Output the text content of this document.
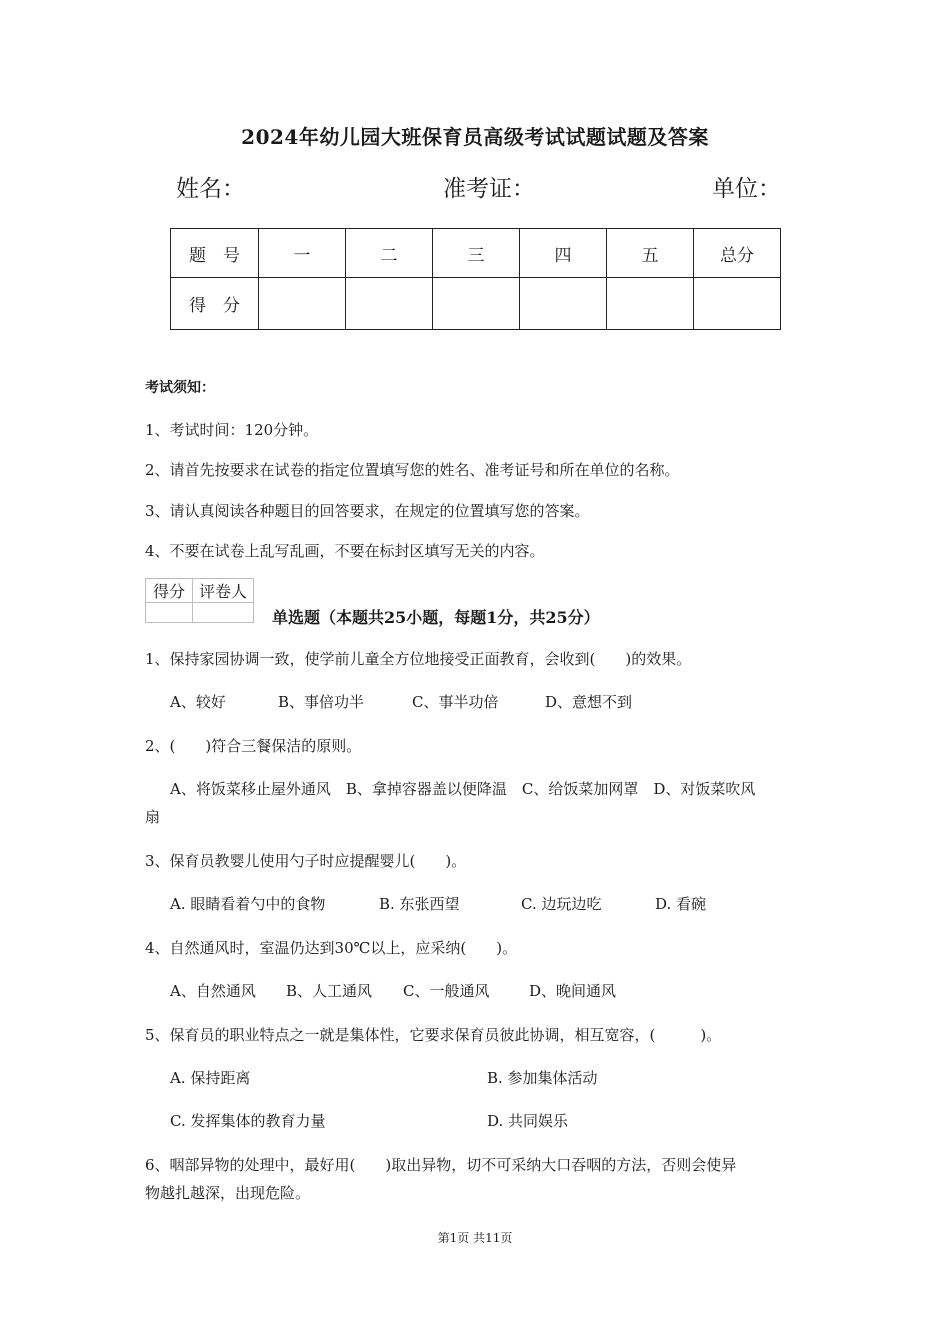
2024年幼儿园大班保育员高级考试试题试题及答案
姓名：	准考证：	单位：
题　号	一	二	三	四	五	总分
得　分						
考试须知：
1、考试时间：120分钟。
2、请首先按要求在试卷的指定位置填写您的姓名、准考证号和所在单位的名称。
3、请认真阅读各种题目的回答要求，在规定的位置填写您的答案。
4、不要在试卷上乱写乱画，不要在标封区填写无关的内容。
得分	评卷人

单选题（本题共25小题，每题1分，共25分）
1、保持家园协调一致，使学前儿童全方位地接受正面教育，会收到(　　)的效果。
A、较好	B、事倍功半	C、事半功倍	D、意想不到
2、(　　)符合三餐保洁的原则。
A、将饭菜移止屋外通风　B、拿掉容器盖以便降温　C、给饭菜加网罩　D、对饭菜吹风
扇
3、保育员教婴儿使用勺子时应提醒婴儿(　　)。
A. 眼睛看着勺中的食物	B. 东张西望	C. 边玩边吃	D. 看碗
4、自然通风时，室温仍达到30℃以上，应采纳(　　)。
A、自然通风 B、人工通风 C、一般通风	D、晚间通风
5、保育员的职业特点之一就是集体性，它要求保育员彼此协调，相互宽容，(　　　)。
A. 保持距离	B. 参加集体活动
C. 发挥集体的教育力量	D. 共同娱乐
6、咽部异物的处理中，最好用(　　)取出异物，切不可采纳大口吞咽的方法，否则会使异
物越扎越深，出现危险。
第1页 共11页
